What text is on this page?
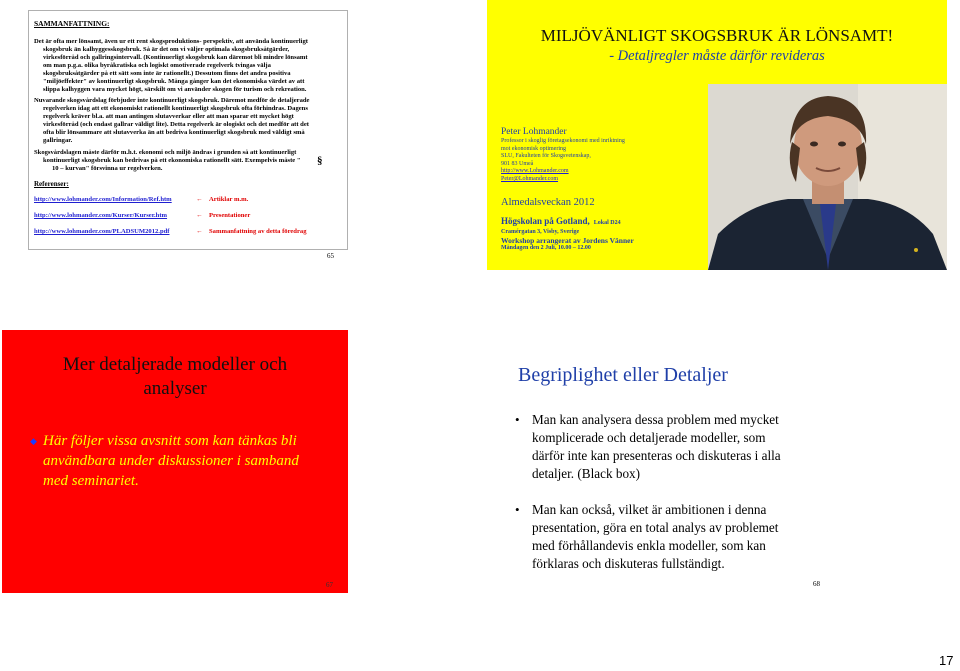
SAMMANFATTNING:
Det är ofta mer lönsamt, även ur ett rent skogsproduktions- perspektiv, att använda kontinuerligt
skogsbruk än kalhyggesskogsbruk. Så är det om vi väljer optimala skogsbruksåtgärder,
virkesförråd och gallringsintervall. (Kontinuerligt skogsbruk kan däremot bli mindre lönsamt
om man p.g.a. olika byråkratiska och logiskt omotiverade regelverk tvingas välja
skogsbruksåtgärder på ett sätt som inte är rationellt.) Dessutom finns det andra positiva
"miljöeffekter" av kontinuerligt skogsbruk. Många gånger kan det ekonomiska värdet av att
slippa kalhyggen vara mycket högt, särskilt om vi använder skogen för turism och rekreation.
Nuvarande skogsvårdslag förbjuder inte kontinuerligt skogsbruk. Däremot medför de detaljerade
regelverken idag att ett ekonomiskt rationellt kontinuerligt skogsbruk ofta förhindras. Dagens
regelverk kräver bl.a. att man antingen slutavverkar eller att man sparar ett mycket högt
virkesförråd (och endast gallrar väldigt lite). Detta regelverk är ologiskt och det medför att det
ofta blir lönsammare att slutavverka än att bedriva kontinuerligt skogsbruk med väldigt små
gallringar.
Skogsvårdslagen måste därför m.h.t. ekonomi och miljö ändras i grunden så att kontinuerligt
kontinuerligt skogsbruk kan bedrivas på ett ekonomiska rationellt sätt. Exempelvis måste "
10 – kurvan" försvinna ur regelverken.
§
Referenser:
http://www.lohmander.com/Information/Ref.htm	← Artiklar m.m.
http://www.lohmander.com/Kurser/Kurser.htm	← Presentationer
http://www.lohmander.com/PLADSUM2012.pdf	← Sammanfattning av detta föredrag
MILJÖVÄNLIGT SKOGSBRUK ÄR LÖNSAMT!
- Detaljregler måste därför revideras
Peter Lohmander
Professor i skoglig företagsekonomi med inriktning
mot ekonomisk optimering
SLU, Fakulteten för Skogsvetenskap,
901 83 Umeå
http://www.Lohmander.com
Peter@Lohmander.com
Almedalsveckan 2012
Högskolan på Gotland, Lokal D24
Cramérgatan 3, Visby, Sverige
Workshop arrangerat av Jordens Vänner
Måndagen den 2 Juli, 10.00 – 12.00
65
Mer detaljerade modeller och
analyser
◆ Här följer vissa avsnitt som kan tänkas bli
användbara under diskussioner i samband
med seminariet.
67
Begriplighet eller Detaljer
• Man kan analysera dessa problem med mycket
komplicerade och detaljerade modeller, som
därför inte kan presenteras och diskuteras i alla
detaljer. (Black box)
• Man kan också, vilket är ambitionen i denna
presentation, göra en total analys av problemet
med förhållandevis enkla modeller, som kan
förklaras och diskuteras fullständigt.
68
17
